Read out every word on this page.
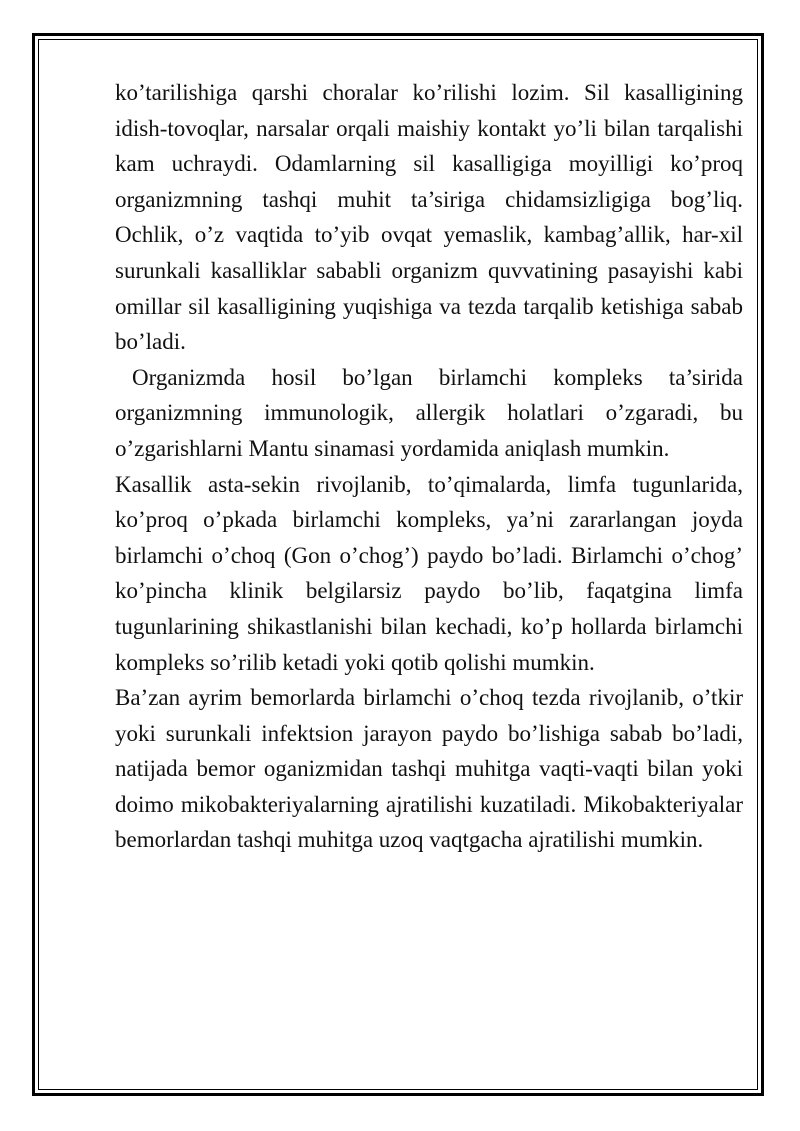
ko’tarilishiga qarshi choralar ko’rilishi lozim. Sil kasalligining idish-tovoqlar, narsalar orqali maishiy kontakt yo’li bilan tarqalishi kam uchraydi. Odamlarning sil kasalligiga moyilligi ko’proq organizmning tashqi muhit ta’siriga chidamsizligiga bog’liq. Ochlik, o’z vaqtida to’yib ovqat yemaslik, kambag’allik, har-xil surunkali kasalliklar sababli organizm quvvatining pasayishi kabi omillar sil kasalligining yuqishiga va tezda tarqalib ketishiga sabab bo’ladi.

Organizmda hosil bo’lgan birlamchi kompleks ta’sirida organizmning immunologik, allergik holatlari o’zgaradi, bu o’zgarishlarni Mantu sinamasi yordamida aniqlash mumkin.

Kasallik asta-sekin rivojlanib, to’qimalarda, limfa tugunlarida, ko’proq o’pkada birlamchi kompleks, ya’ni zararlangan joyda birlamchi o’choq (Gon o’chog’) paydo bo’ladi. Birlamchi o’chog’ ko’pincha klinik belgilarsiz paydo bo’lib, faqatgina limfa tugunlarining shikastlanishi bilan kechadi, ko’p hollarda birlamchi kompleks so’rilib ketadi yoki qotib qolishi mumkin.

Ba’zan ayrim bemorlarda birlamchi o’choq tezda rivojlanib, o’tkir yoki surunkali infektsion jarayon paydo bo’lishiga sabab bo’ladi, natijada bemor oganizmidan tashqi muhitga vaqti-vaqti bilan yoki doimo mikobakteriyalarning ajratilishi kuzatiladi. Mikobakteriyalar bemorlardan tashqi muhitga uzoq vaqtgacha ajratilishi mumkin.
